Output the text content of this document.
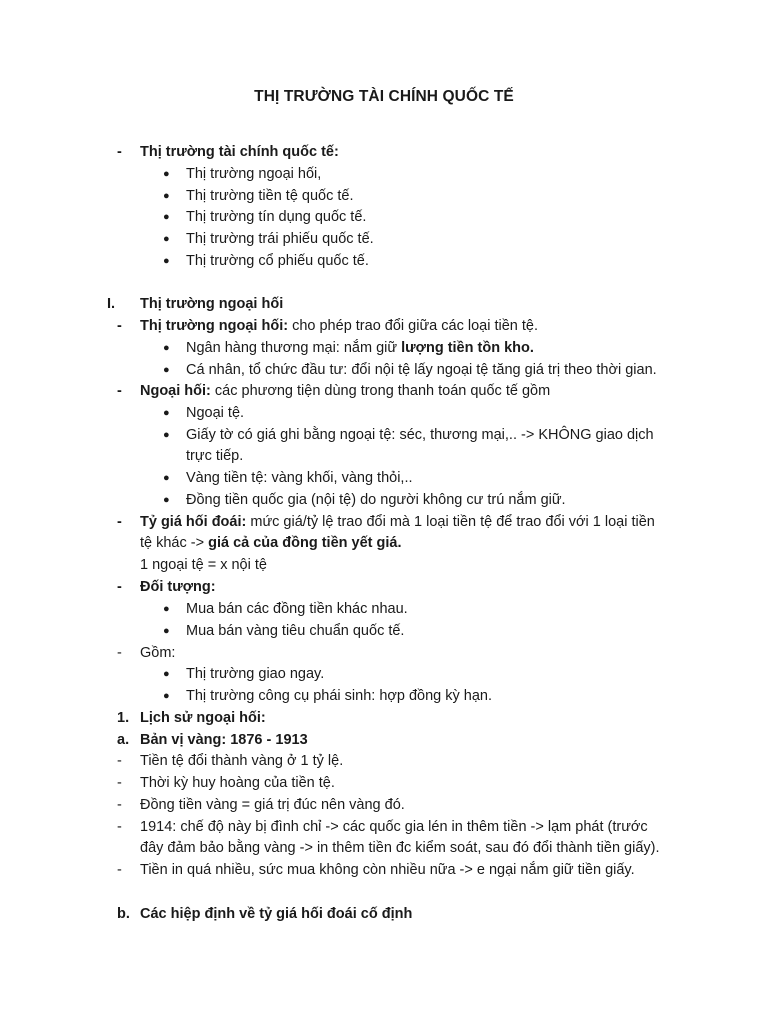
THỊ TRƯỜNG TÀI CHÍNH QUỐC TẾ
- Thị trường tài chính quốc tế:
● Thị trường ngoại hối,
● Thị trường tiền tệ quốc tế.
● Thị trường tín dụng quốc tế.
● Thị trường trái phiếu quốc tế.
● Thị trường cổ phiếu quốc tế.
I. Thị trường ngoại hối
- Thị trường ngoại hối: cho phép trao đổi giữa các loại tiền tệ.
● Ngân hàng thương mại: nắm giữ lượng tiền tồn kho.
● Cá nhân, tổ chức đầu tư: đổi nội tệ lấy ngoại tệ tăng giá trị theo thời gian.
- Ngoại hối: các phương tiện dùng trong thanh toán quốc tế gồm
● Ngoại tệ.
● Giấy tờ có giá ghi bằng ngoại tệ: séc, thương mại,.. -> KHÔNG giao dịch
trực tiếp.
● Vàng tiền tệ: vàng khối, vàng thỏi,..
● Đồng tiền quốc gia (nội tệ) do người không cư trú nắm giữ.
- Tỷ giá hối đoái: mức giá/tỷ lệ trao đổi mà 1 loại tiền tệ để trao đổi với 1 loại tiền
tệ khác -> giá cả của đồng tiền yết giá.
1 ngoại tệ = x nội tệ
- Đối tượng:
● Mua bán các đồng tiền khác nhau.
● Mua bán vàng tiêu chuẩn quốc tế.
- Gồm:
● Thị trường giao ngay.
● Thị trường công cụ phái sinh: hợp đồng kỳ hạn.
1. Lịch sử ngoại hối:
a. Bản vị vàng: 1876 - 1913
- Tiền tệ đổi thành vàng ở 1 tỷ lệ.
- Thời kỳ huy hoàng của tiền tệ.
- Đồng tiền vàng = giá trị đúc nên vàng đó.
- 1914: chế độ này bị đình chỉ -> các quốc gia lén in thêm tiền -> lạm phát (trước
đây đảm bảo bằng vàng -> in thêm tiền đc kiểm soát, sau đó đổi thành tiền giấy).
- Tiền in quá nhiều, sức mua không còn nhiều nữa -> e ngại nắm giữ tiền giấy.
b. Các hiệp định về tỷ giá hối đoái cố định
